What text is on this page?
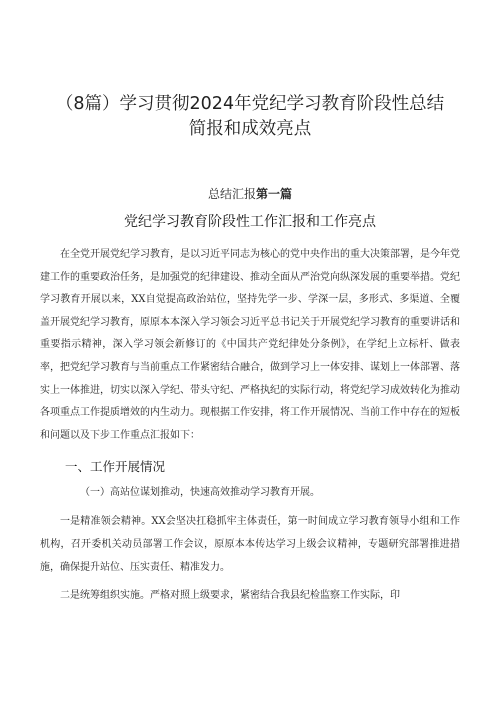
（8篇）学习贯彻2024年党纪学习教育阶段性总结
简报和成效亮点
总结汇报第一篇
党纪学习教育阶段性工作汇报和工作亮点

在全党开展党纪学习教育，是以习近平同志为核心的党中央作出的重大决策部署，是今年党建工作的重要政治任务，是加强党的纪律建设、推动全面从严治党向纵深发展的重要举措。党纪学习教育开展以来，XX自觉提高政治站位，坚持先学一步、学深一层，多形式、多渠道、全覆盖开展党纪学习教育，原原本本深入学习领会习近平总书记关于开展党纪学习教育的重要讲话和重要指示精神，深入学习领会新修订的《中国共产党纪律处分条例》，在学纪上立标杆、做表率，把党纪学习教育与当前重点工作紧密结合融合，做到学习上一体安排、谋划上一体部署、落实上一体推进，切实以深入学纪、带头守纪、严格执纪的实际行动，将党纪学习成效转化为推动各项重点工作提质增效的内生动力。现根据工作安排，将工作开展情况、当前工作中存在的短板和问题以及下步工作重点汇报如下：

一、工作开展情况
（一）高站位谋划推动，快速高效推动学习教育开展。

一是精准领会精神。XX会坚决扛稳抓牢主体责任，第一时间成立学习教育领导小组和工作机构，召开委机关动员部署工作会议，原原本本传达学习上级会议精神，专题研究部署推进措施，确保提升站位、压实责任、精准发力。

二是统筹组织实施。严格对照上级要求，紧密结合我县纪检监察工作实际，印
